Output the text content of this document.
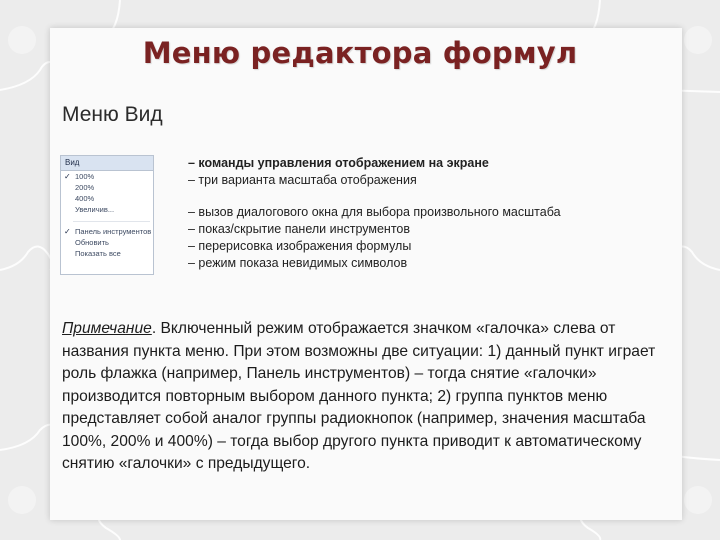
Меню редактора формул
Меню Вид
Вид
✓ 100%
200%
400%
Увеличив...
✓ Панель инструментов
Обновить
Показать все
– команды управления отображением на экране
– три варианта масштаба отображения
– вызов диалогового окна для выбора произвольного масштаба
– показ/скрытие панели инструментов
– перерисовка изображения формулы
– режим показа невидимых символов
Примечание. Включенный режим отображается значком «галочка» слева от названия пункта меню. При этом возможны две ситуации: 1) данный пункт играет роль флажка (например, Панель инструментов) – тогда снятие «галочки» производится повторным выбором данного пункта; 2) группа пунктов меню представляет собой аналог группы радиокнопок (например, значения масштаба 100%, 200% и 400%) – тогда выбор другого пункта приводит к автоматическому снятию «галочки» с предыдущего.
